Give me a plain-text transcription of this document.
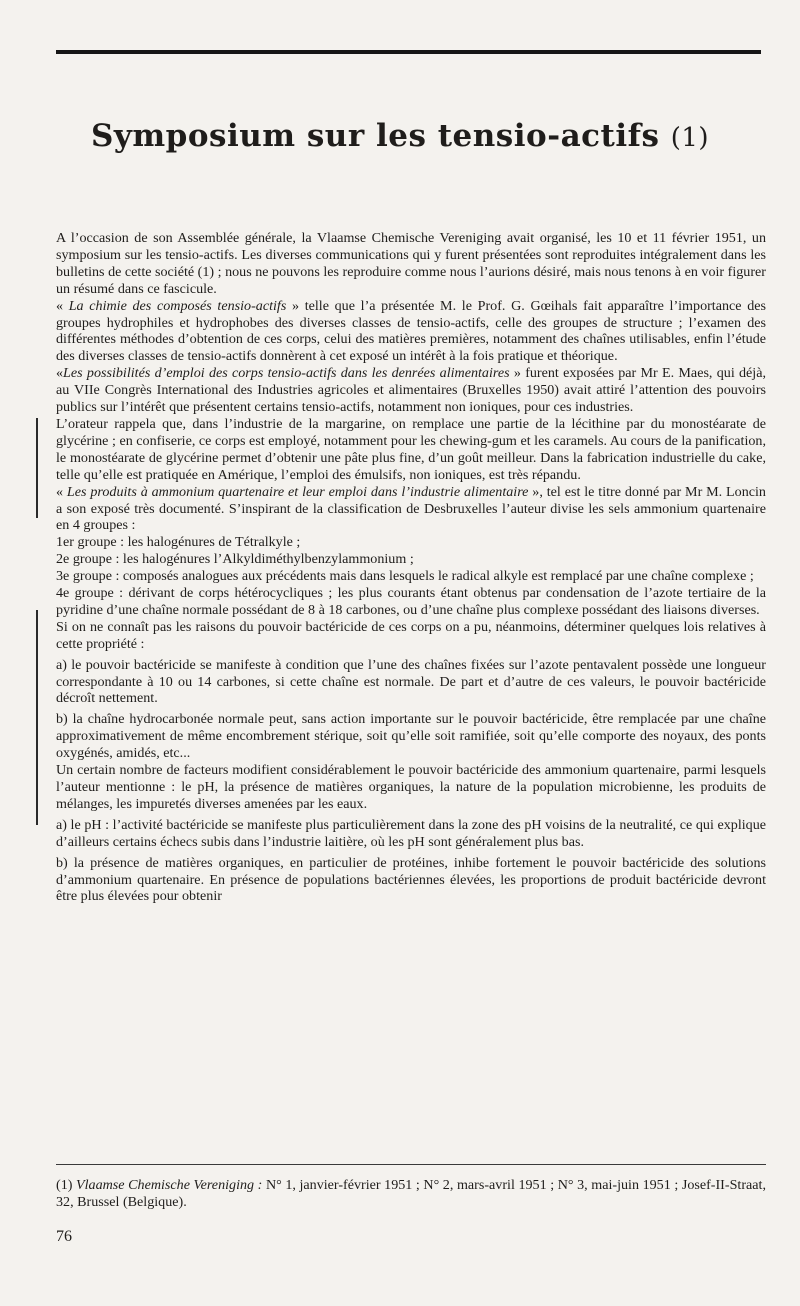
Symposium sur les tensio-actifs (1)

A l’occasion de son Assemblée générale, la Vlaamse Chemische Vereniging avait organisé, les 10 et 11 février 1951, un symposium sur les tensio-actifs. Les diverses communications qui y furent présentées sont reproduites intégralement dans les bulletins de cette société (1) ; nous ne pouvons les reproduire comme nous l’aurions désiré, mais nous tenons à en voir figurer un résumé dans ce fascicule.

« La chimie des composés tensio-actifs » telle que l’a présentée M. le Prof. G. Gœihals fait apparaître l’importance des groupes hydrophiles et hydrophobes des diverses classes de tensio-actifs, celle des groupes de structure ; l’examen des différentes méthodes d’obtention de ces corps, celui des matières premières, notamment des chaînes utilisables, enfin l’étude des diverses classes de tensio-actifs donnèrent à cet exposé un intérêt à la fois pratique et théorique.

«Les possibilités d’emploi des corps tensio-actifs dans les denrées alimentaires » furent exposées par Mr E. Maes, qui déjà, au VIIe Congrès International des Industries agricoles et alimentaires (Bruxelles 1950) avait attiré l’attention des pouvoirs publics sur l’intérêt que présentent certains tensio-actifs, notamment non ioniques, pour ces industries.

L’orateur rappela que, dans l’industrie de la margarine, on remplace une partie de la lécithine par du monostéarate de glycérine ; en confiserie, ce corps est employé, notamment pour les chewing-gum et les caramels. Au cours de la panification, le monostéarate de glycérine permet d’obtenir une pâte plus fine, d’un goût meilleur. Dans la fabrication industrielle du cake, telle qu’elle est pratiquée en Amérique, l’emploi des émulsifs, non ioniques, est très répandu.

« Les produits à ammonium quartenaire et leur emploi dans l’industrie alimentaire », tel est le titre donné par Mr M. Loncin a son exposé très documenté. S’inspirant de la classification de Desbruxelles l’auteur divise les sels ammonium quartenaire en 4 groupes :

1er groupe : les halogénures de Tétralkyle ;

2e groupe : les halogénures l’Alkyldiméthylbenzylammonium ;

3e groupe : composés analogues aux précédents mais dans lesquels le radical alkyle est remplacé par une chaîne complexe ;

4e groupe : dérivant de corps hétérocycliques ; les plus courants étant obtenus par condensation de l’azote tertiaire de la pyridine d’une chaîne normale possédant de 8 à 18 carbones, ou d’une chaîne plus complexe possédant des liaisons diverses.

Si on ne connaît pas les raisons du pouvoir bactéricide de ces corps on a pu, néanmoins, déterminer quelques lois relatives à cette propriété :

a) le pouvoir bactéricide se manifeste à condition que l’une des chaînes fixées sur l’azote pentavalent possède une longueur correspondante à 10 ou 14 carbones, si cette chaîne est normale. De part et d’autre de ces valeurs, le pouvoir bactéricide décroît nettement.

b) la chaîne hydrocarbonée normale peut, sans action importante sur le pouvoir bactéricide, être remplacée par une chaîne approximativement de même encombrement stérique, soit qu’elle soit ramifiée, soit qu’elle comporte des noyaux, des ponts oxygénés, amidés, etc...

Un certain nombre de facteurs modifient considérablement le pouvoir bactéricide des ammonium quartenaire, parmi lesquels l’auteur mentionne : le pH, la présence de matières organiques, la nature de la population microbienne, les produits de mélanges, les impuretés diverses amenées par les eaux.

a) le pH : l’activité bactéricide se manifeste plus particulièrement dans la zone des pH voisins de la neutralité, ce qui explique d’ailleurs certains échecs subis dans l’industrie laitière, où les pH sont généralement plus bas.

b) la présence de matières organiques, en particulier de protéines, inhibe fortement le pouvoir bactéricide des solutions d’ammonium quartenaire. En présence de populations bactériennes élevées, les proportions de produit bactéricide devront être plus élevées pour obtenir

(1) Vlaamse Chemische Vereniging : N° 1, janvier-février 1951 ; N° 2, mars-avril 1951 ; N° 3, mai-juin 1951 ; Josef-II-Straat, 32, Brussel (Belgique).

76
